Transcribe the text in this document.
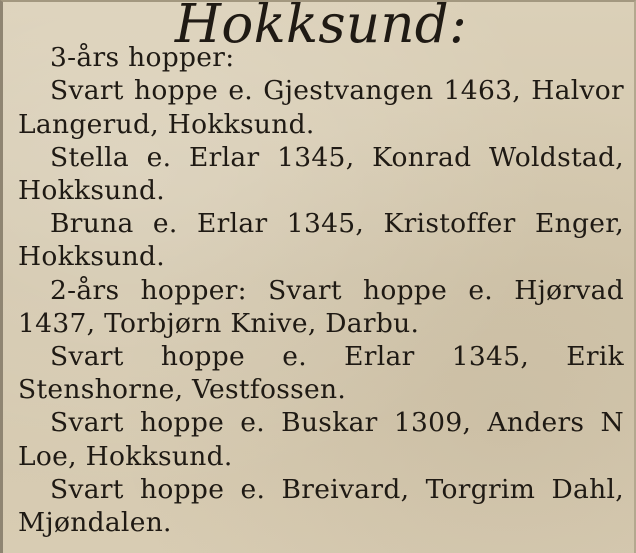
Hokksund:

3-års hopper:

Svart hoppe e. Gjestvangen 1463, Halvor Langerud, Hokksund.

Stella e. Erlar 1345, Konrad Woldstad, Hokksund.

Bruna e. Erlar 1345, Kristoffer Enger, Hokksund.

2-års hopper: Svart hoppe e. Hjørvad 1437, Torbjørn Knive, Darbu.

Svart hoppe e. Erlar 1345, Erik Stenshorne, Vestfossen.

Svart hoppe e. Buskar 1309, Anders N Loe, Hokksund.

Svart hoppe e. Breivard, Torgrim Dahl, Mjøndalen.
